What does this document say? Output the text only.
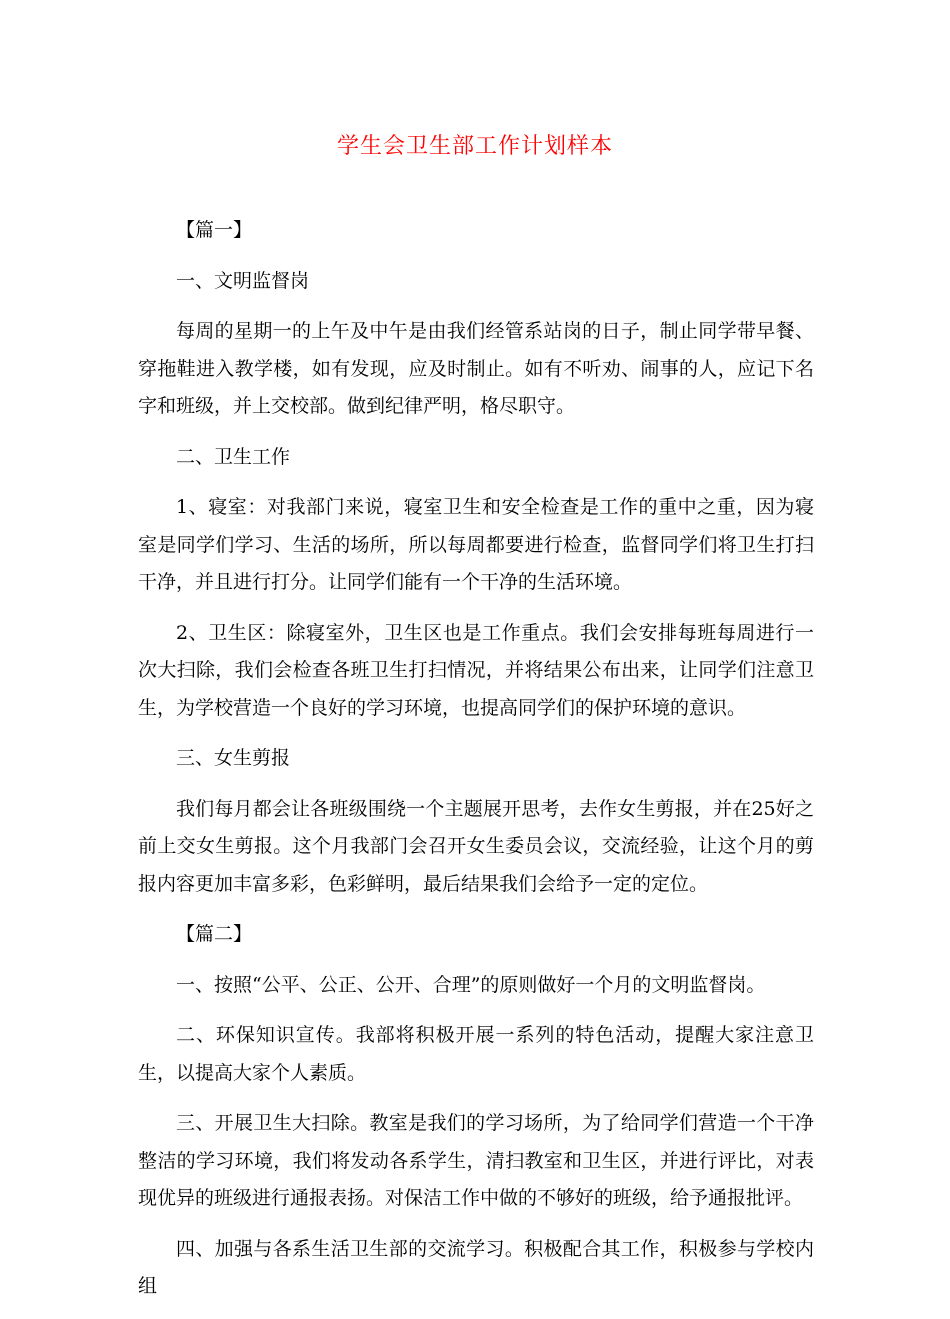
学生会卫生部工作计划样本

【篇一】

一、文明监督岗

每周的星期一的上午及中午是由我们经管系站岗的日子，制止同学带早餐、穿拖鞋进入教学楼，如有发现，应及时制止。如有不听劝、闹事的人，应记下名字和班级，并上交校部。做到纪律严明，格尽职守。

二、卫生工作

1、寝室：对我部门来说，寝室卫生和安全检查是工作的重中之重，因为寝室是同学们学习、生活的场所，所以每周都要进行检查，监督同学们将卫生打扫干净，并且进行打分。让同学们能有一个干净的生活环境。

2、卫生区：除寝室外，卫生区也是工作重点。我们会安排每班每周进行一次大扫除，我们会检查各班卫生打扫情况，并将结果公布出来，让同学们注意卫生，为学校营造一个良好的学习环境，也提高同学们的保护环境的意识。

三、女生剪报

我们每月都会让各班级围绕一个主题展开思考，去作女生剪报，并在25好之前上交女生剪报。这个月我部门会召开女生委员会议，交流经验，让这个月的剪报内容更加丰富多彩，色彩鲜明，最后结果我们会给予一定的定位。

【篇二】

一、按照“公平、公正、公开、合理”的原则做好一个月的文明监督岗。

二、环保知识宣传。我部将积极开展一系列的特色活动，提醒大家注意卫生，以提高大家个人素质。

三、开展卫生大扫除。教室是我们的学习场所，为了给同学们营造一个干净整洁的学习环境，我们将发动各系学生，清扫教室和卫生区，并进行评比，对表现优异的班级进行通报表扬。对保洁工作中做的不够好的班级，给予通报批评。

四、加强与各系生活卫生部的交流学习。积极配合其工作，积极参与学校内组
